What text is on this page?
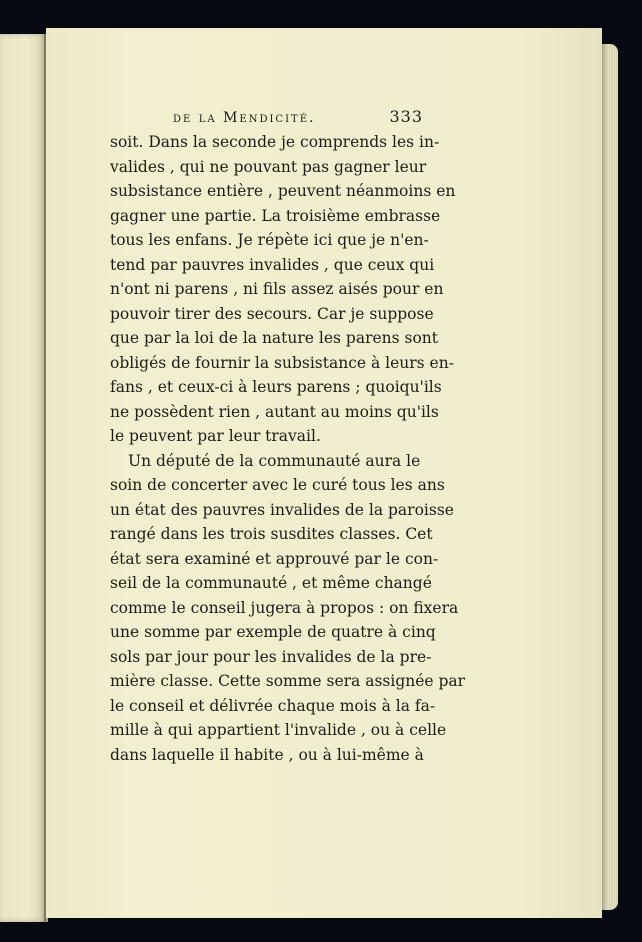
de la Mendicité.	333
soit. Dans la seconde je comprends les in-
valides , qui ne pouvant pas gagner leur
subsistance entière , peuvent néanmoins en
gagner une partie. La troisième embrasse
tous les enfans. Je répète ici que je n'en-
tend par pauvres invalides , que ceux qui
n'ont ni parens , ni fils assez aisés pour en
pouvoir tirer des secours. Car je suppose
que par la loi de la nature les parens sont
obligés de fournir la subsistance à leurs en-
fans , et ceux-ci à leurs parens ; quoiqu'ils
ne possèdent rien , autant au moins qu'ils
le peuvent par leur travail.
Un député de la communauté aura le
soin de concerter avec le curé tous les ans
un état des pauvres invalides de la paroisse
rangé dans les trois susdites classes. Cet
état sera examiné et approuvé par le con-
seil de la communauté , et même changé
comme le conseil jugera à propos : on fixera
une somme par exemple de quatre à cinq
sols par jour pour les invalides de la pre-
mière classe. Cette somme sera assignée par
le conseil et délivrée chaque mois à la fa-
mille à qui appartient l'invalide , ou à celle
dans laquelle il habite , ou à lui-même à
